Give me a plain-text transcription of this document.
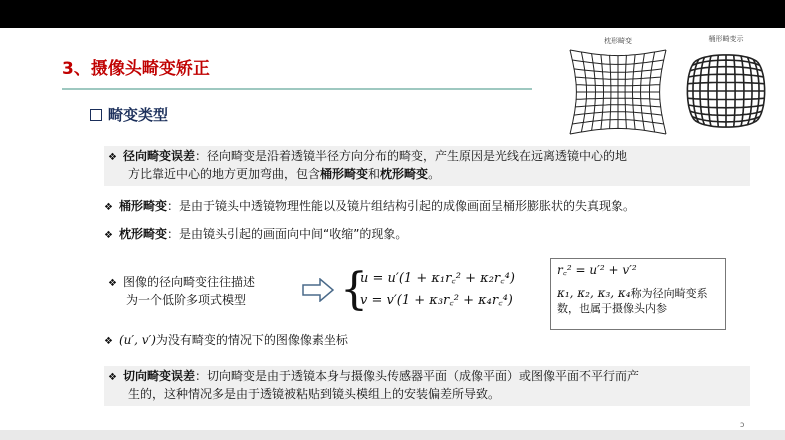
3、摄像头畸变矫正
畸变类型
枕形畸变	桶形畸变示
❖ 径向畸变误差：径向畸变是沿着透镜半径方向分布的畸变，产生原因是光线在远离透镜中心的地
方比靠近中心的地方更加弯曲，包含桶形畸变和枕形畸变。
❖ 桶形畸变：是由于镜头中透镜物理性能以及镜片组结构引起的成像画面呈桶形膨胀状的失真现象。
❖ 枕形畸变：是由镜头引起的画面向中间“收缩”的现象。
❖ 图像的径向畸变往往描述
为一个低阶多项式模型 {
u = u′(1 + κ₁r꜀² + κ₂r꜀⁴)
v = v′(1 + κ₃r꜀² + κ₄r꜀⁴)
r꜀² = u′² + v′²
κ₁, κ₂, κ₃, κ₄称为径向畸变系
数，也属于摄像头内参
❖ (u′, v′)为没有畸变的情况下的图像像素坐标
❖ 切向畸变误差：切向畸变是由于透镜本身与摄像头传感器平面（成像平面）或图像平面不平行而产
生的，这种情况多是由于透镜被粘贴到镜头模组上的安装偏差所导致。
ↄ
